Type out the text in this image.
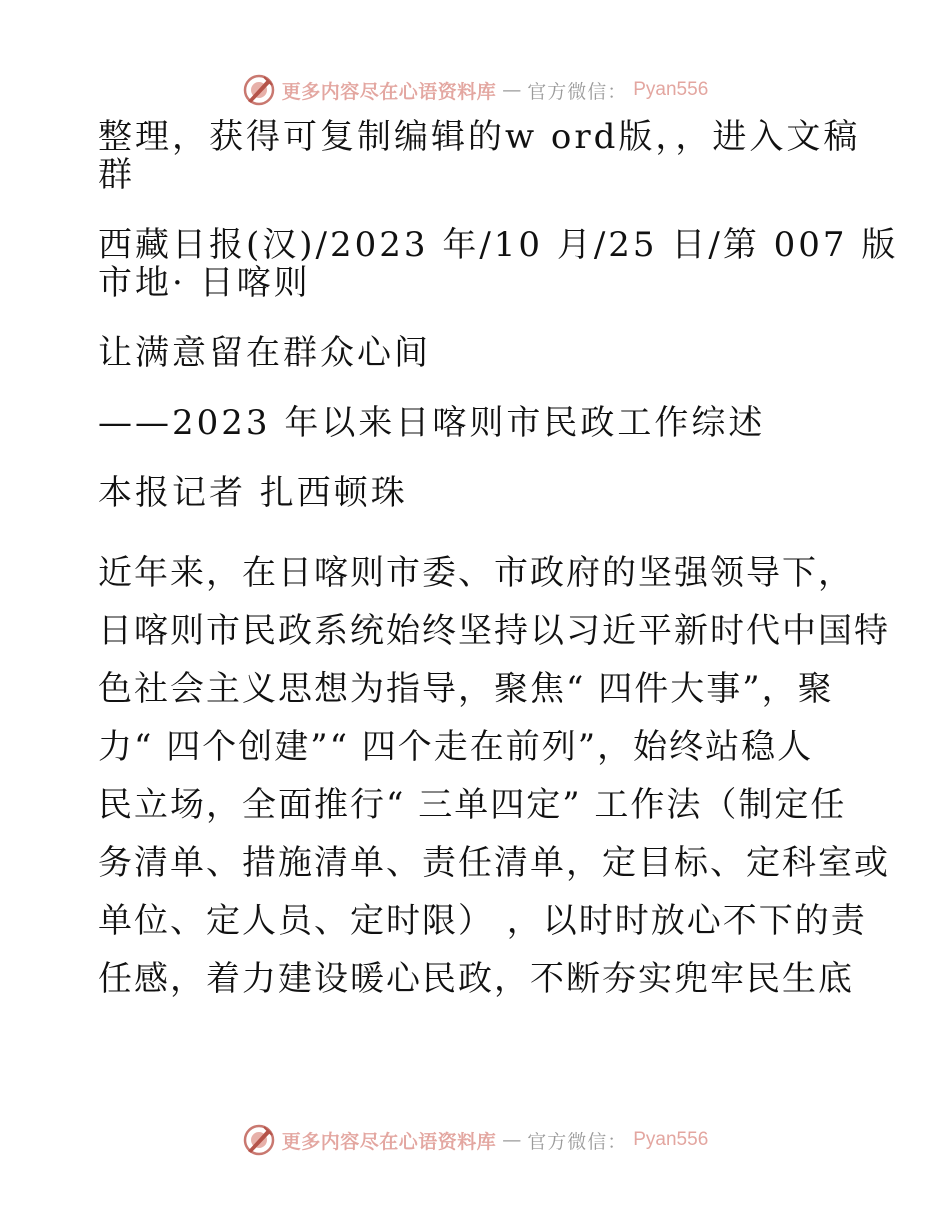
更多内容尽在心语资料库 — 官方微信： Pyan556
整理，获得可复制编辑的w ord版，，进入文稿
群
西藏日报(汉)/2023 年/10 月/25 日/第 007 版
市地· 日喀则
让满意留在群众心间
——2023 年以来日喀则市民政工作综述
本报记者 扎西顿珠
近年来，在日喀则市委、市政府的坚强领导下，
日喀则市民政系统始终坚持以习近平新时代中国特
色社会主义思想为指导，聚焦“ 四件大事”，聚
力“ 四个创建”“ 四个走在前列”，始终站稳人
民立场，全面推行“ 三单四定” 工作法（制定任
务清单、措施清单、责任清单，定目标、定科室或
单位、定人员、定时限） ，以时时放心不下的责
任感，着力建设暖心民政，不断夯实兜牢民生底
更多内容尽在心语资料库 — 官方微信： Pyan556
